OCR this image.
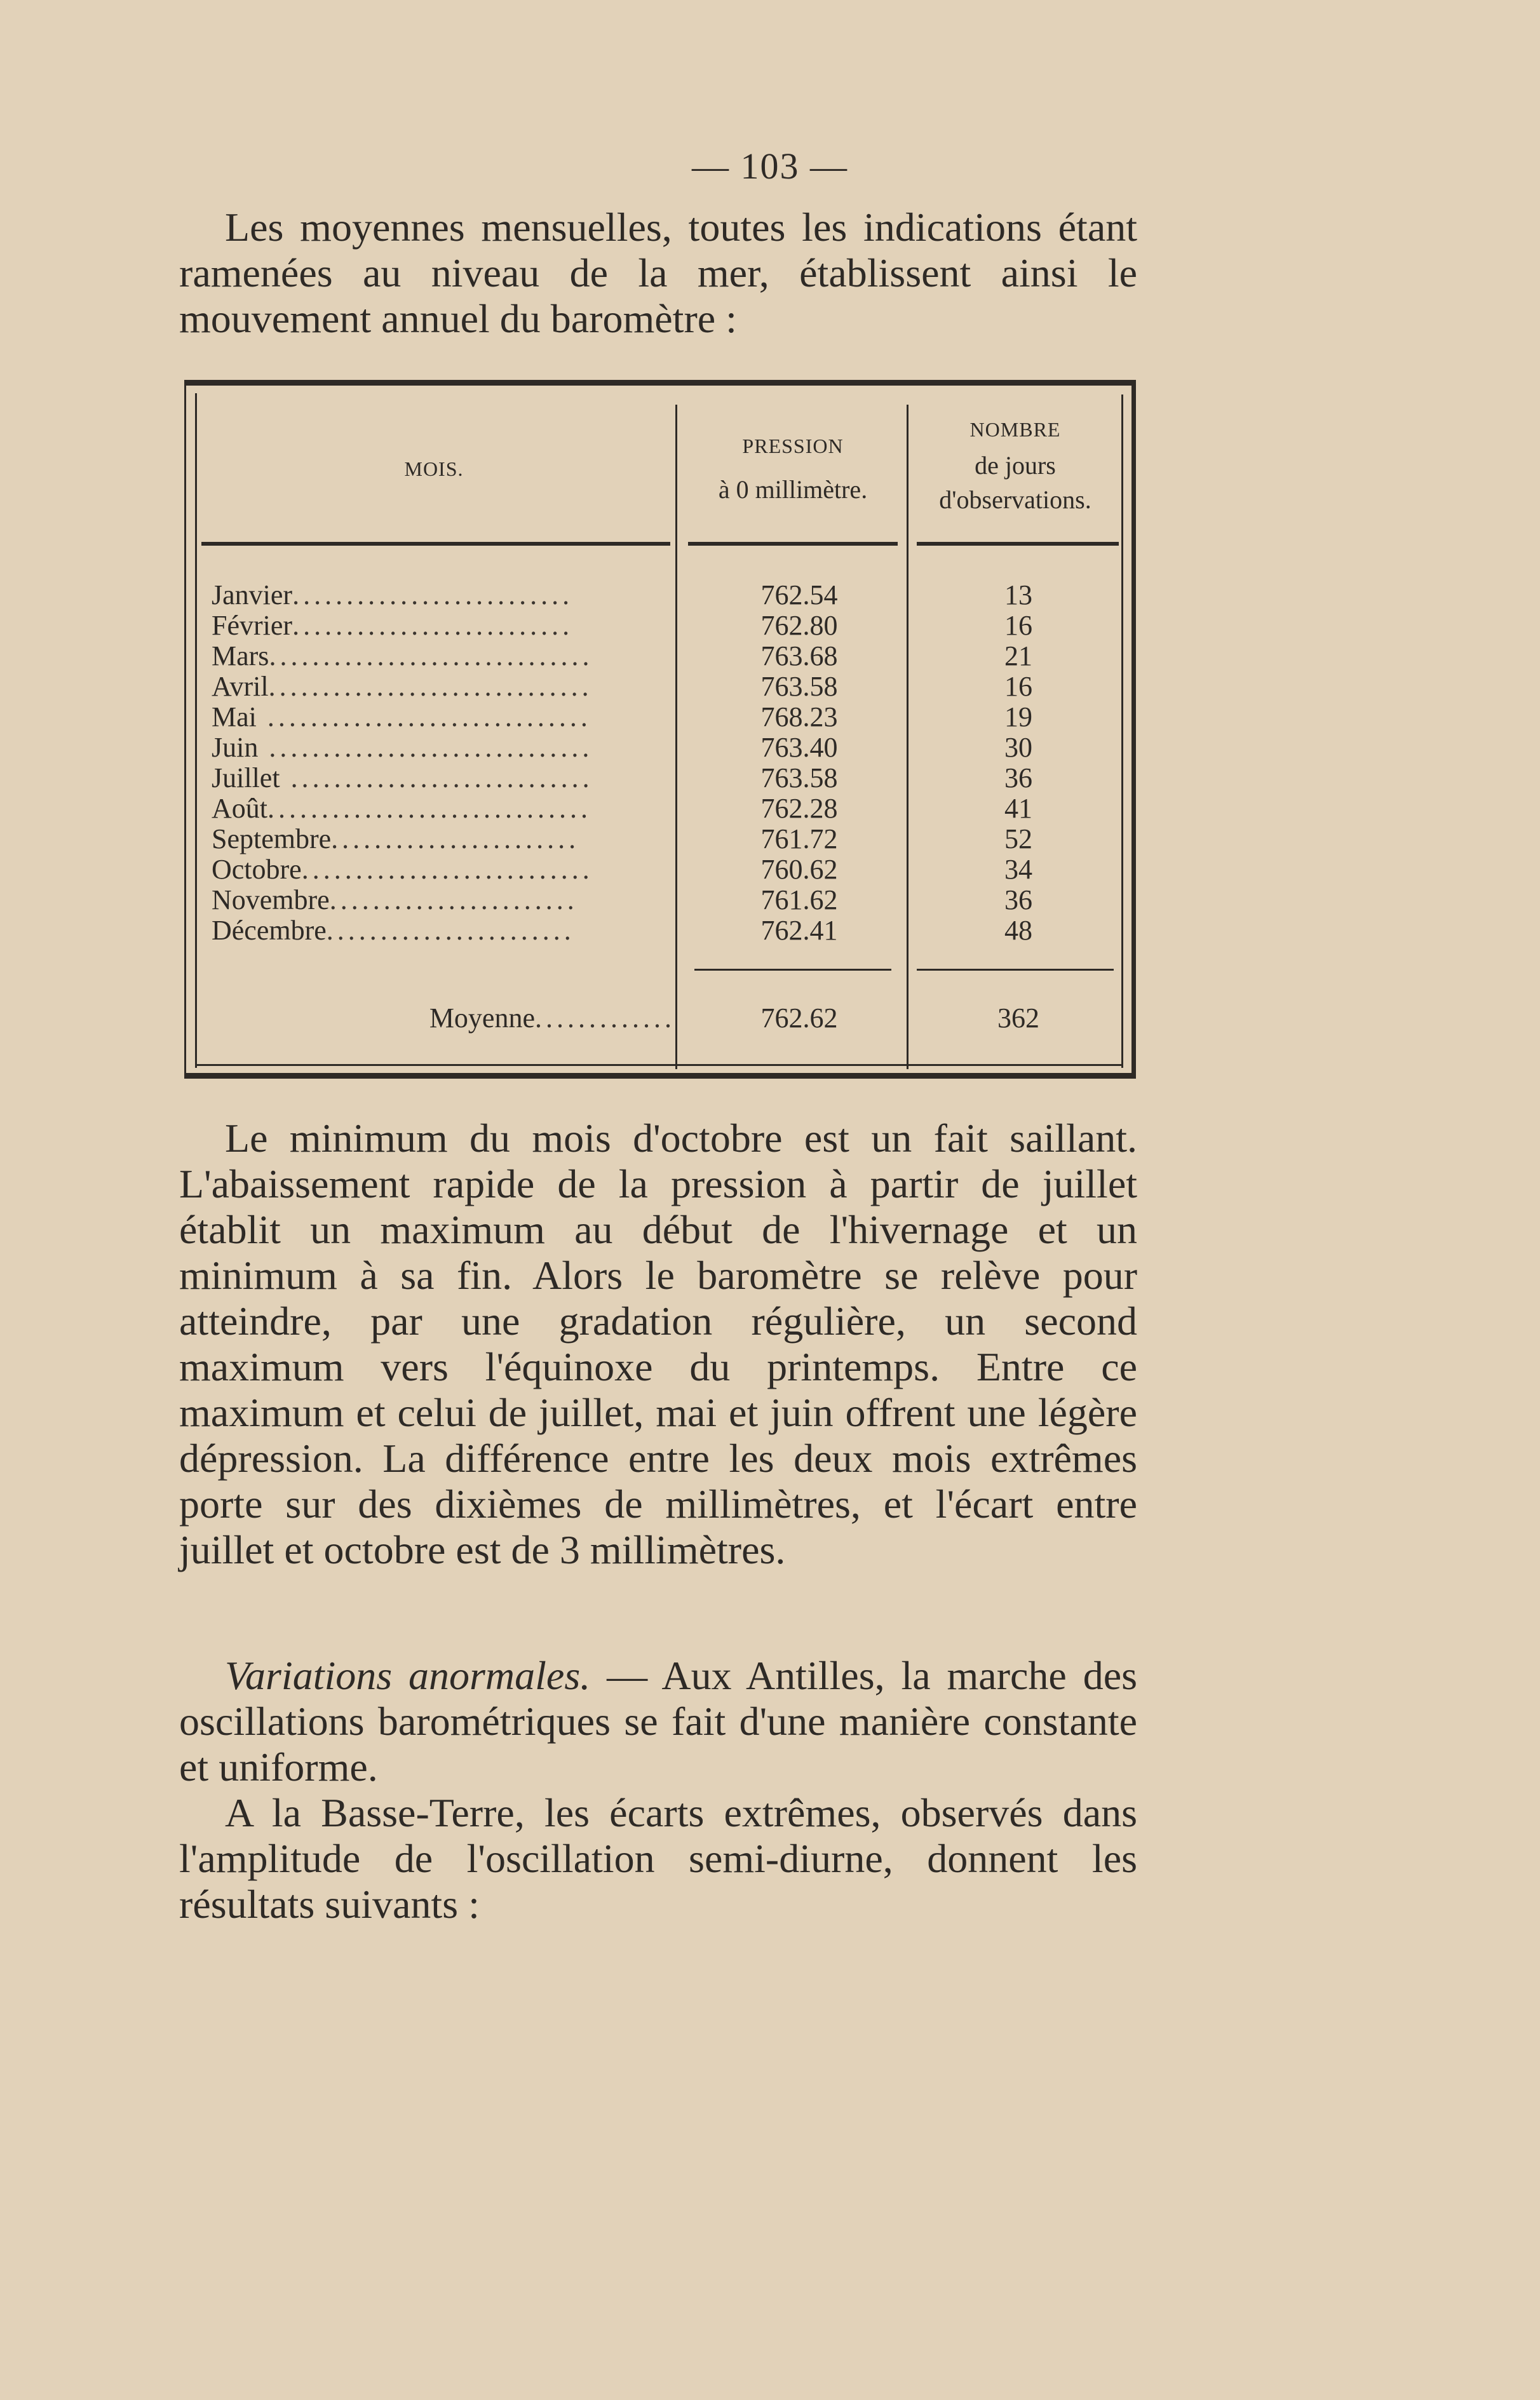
— 103 —

Les moyennes mensuelles, toutes les indications étant ramenées au niveau de la mer, établissent ainsi le mouvement annuel du baromètre :

MOIS.
PRESSION
à 0 millimètre.
NOMBRE
de jours
d'observations.
Janvier..........................	762.54	13
Février..........................	762.80	16
Mars..............................	763.68	21
Avril..............................	763.58	16
Mai ..............................	768.23	19
Juin ..............................	763.40	30
Juillet ............................	763.58	36
Août..............................	762.28	41
Septembre.......................	761.72	52
Octobre...........................	760.62	34
Novembre.......................	761.62	36
Décembre.......................	762.41	48
Moyenne.............	762.62	362

Le minimum du mois d'octobre est un fait saillant. L'abaissement rapide de la pression à partir de juillet établit un maximum au début de l'hivernage et un minimum à sa fin. Alors le baromètre se relève pour atteindre, par une gradation régulière, un second maximum vers l'équinoxe du printemps. Entre ce maximum et celui de juillet, mai et juin offrent une légère dépression. La différence entre les deux mois extrêmes porte sur des dixièmes de millimètres, et l'écart entre juillet et octobre est de 3 millimètres.

Variations anormales. — Aux Antilles, la marche des oscillations barométriques se fait d'une manière constante et uniforme.

A la Basse-Terre, les écarts extrêmes, observés dans l'amplitude de l'oscillation semi-diurne, donnent les résultats suivants :
